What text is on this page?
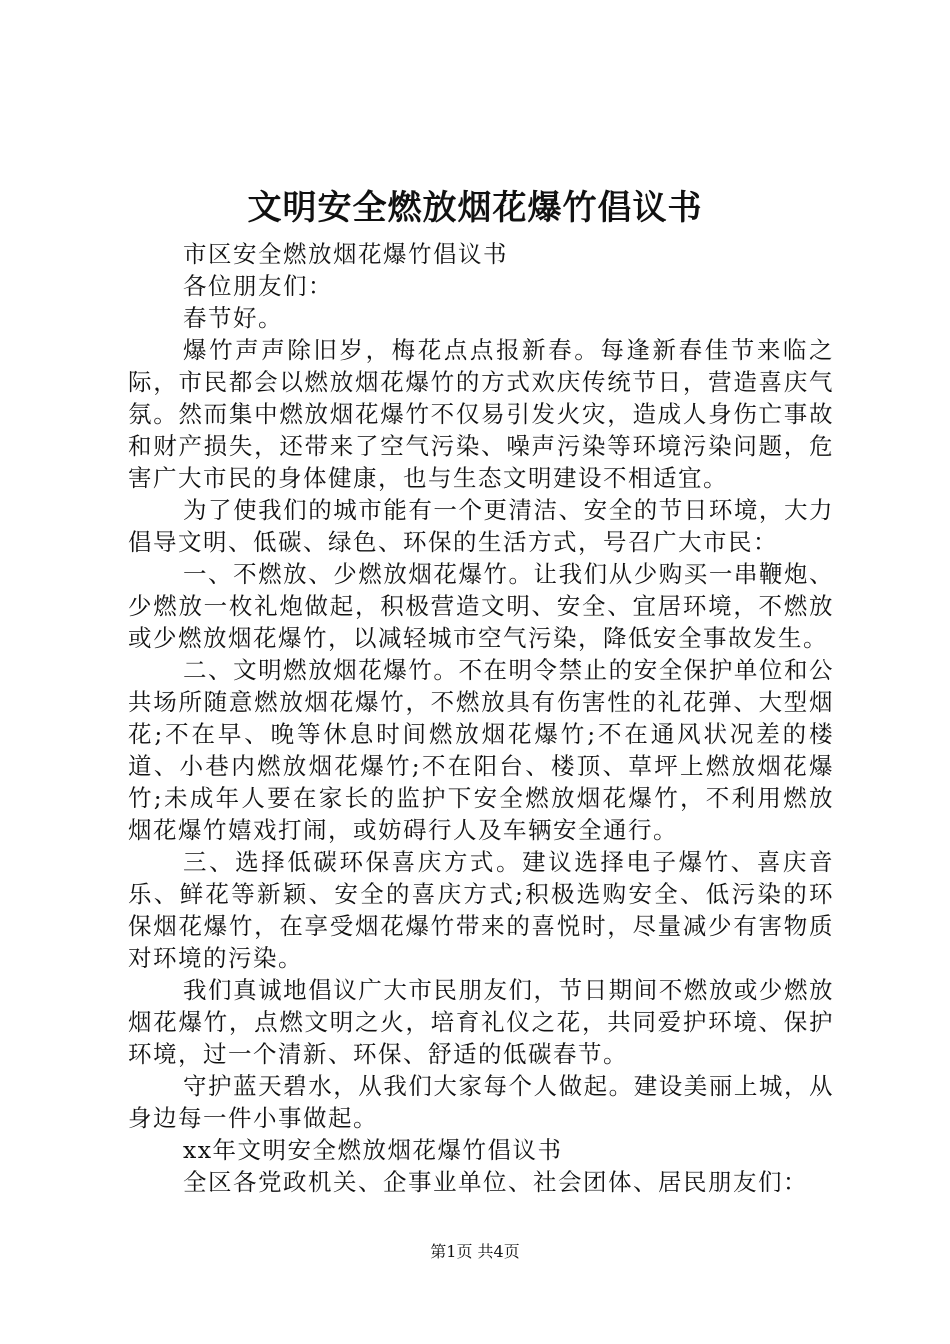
文明安全燃放烟花爆竹倡议书

市区安全燃放烟花爆竹倡议书

各位朋友们：

春节好。

爆竹声声除旧岁，梅花点点报新春。每逢新春佳节来临之际，市民都会以燃放烟花爆竹的方式欢庆传统节日，营造喜庆气氛。然而集中燃放烟花爆竹不仅易引发火灾，造成人身伤亡事故和财产损失，还带来了空气污染、噪声污染等环境污染问题，危害广大市民的身体健康，也与生态文明建设不相适宜。

为了使我们的城市能有一个更清洁、安全的节日环境，大力倡导文明、低碳、绿色、环保的生活方式，号召广大市民：

一、不燃放、少燃放烟花爆竹。让我们从少购买一串鞭炮、少燃放一枚礼炮做起，积极营造文明、安全、宜居环境，不燃放或少燃放烟花爆竹，以减轻城市空气污染，降低安全事故发生。

二、文明燃放烟花爆竹。不在明令禁止的安全保护单位和公共场所随意燃放烟花爆竹，不燃放具有伤害性的礼花弹、大型烟花;不在早、晚等休息时间燃放烟花爆竹;不在通风状况差的楼道、小巷内燃放烟花爆竹;不在阳台、楼顶、草坪上燃放烟花爆竹;未成年人要在家长的监护下安全燃放烟花爆竹，不利用燃放烟花爆竹嬉戏打闹，或妨碍行人及车辆安全通行。

三、选择低碳环保喜庆方式。建议选择电子爆竹、喜庆音乐、鲜花等新颖、安全的喜庆方式;积极选购安全、低污染的环保烟花爆竹，在享受烟花爆竹带来的喜悦时，尽量减少有害物质对环境的污染。

我们真诚地倡议广大市民朋友们，节日期间不燃放或少燃放烟花爆竹，点燃文明之火，培育礼仪之花，共同爱护环境、保护环境，过一个清新、环保、舒适的低碳春节。

守护蓝天碧水，从我们大家每个人做起。建设美丽上城，从身边每一件小事做起。

xx年文明安全燃放烟花爆竹倡议书

全区各党政机关、企事业单位、社会团体、居民朋友们：

第1页 共4页
